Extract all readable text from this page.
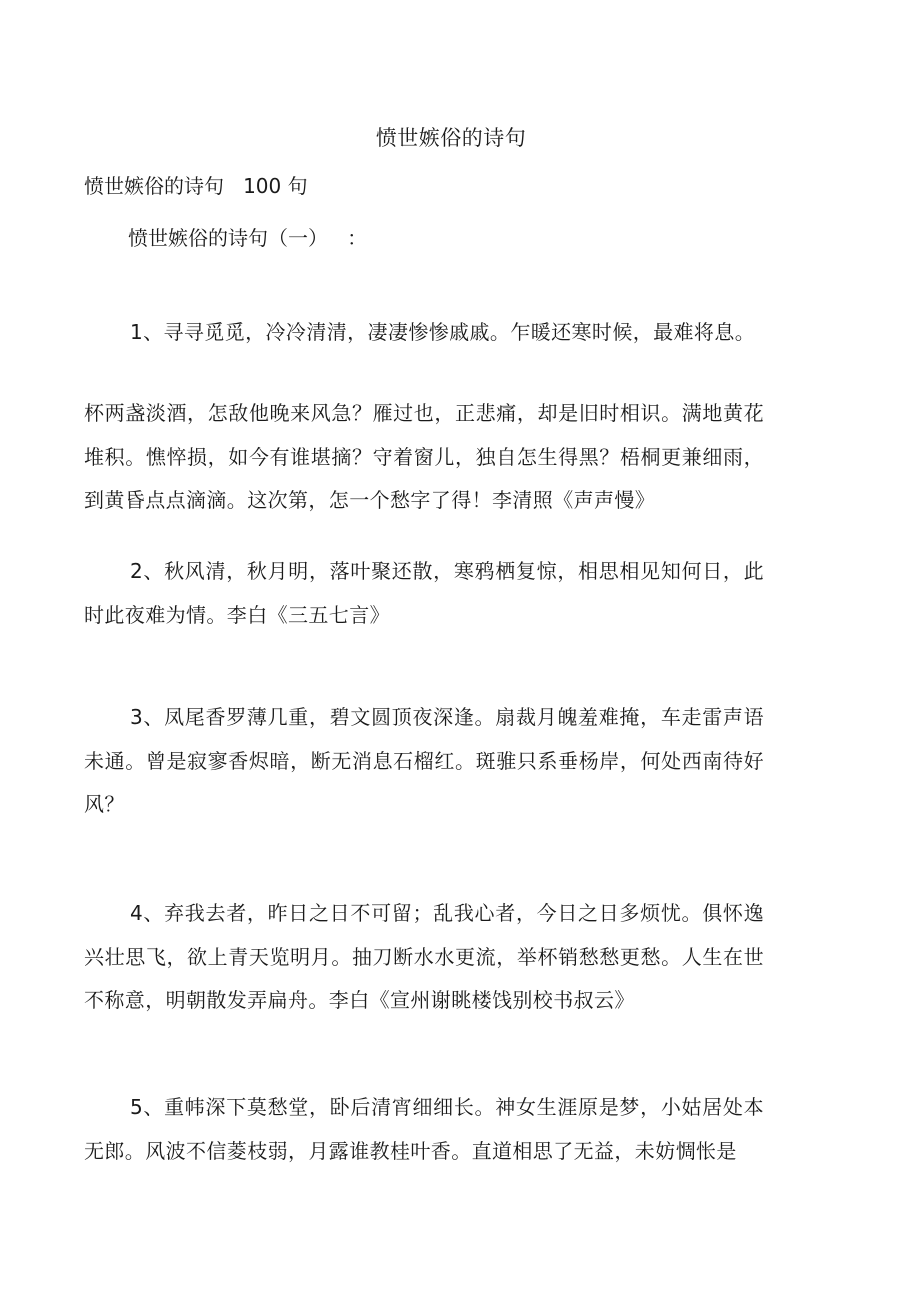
愤世嫉俗的诗句
愤世嫉俗的诗句   100 句
愤世嫉俗的诗句（一）   ：
1、寻寻觅觅，冷冷清清，凄凄惨惨戚戚。乍暖还寒时候，最难将息。

杯两盏淡酒，怎敌他晚来风急？雁过也，正悲痛，却是旧时相识。满地黄花堆积。憔悴损，如今有谁堪摘？守着窗儿，独自怎生得黑？梧桐更兼细雨，到黄昏点点滴滴。这次第，怎一个愁字了得！李清照《声声慢》

2、秋风清，秋月明，落叶聚还散，寒鸦栖复惊，相思相见知何日，此时此夜难为情。李白《三五七言》

3、凤尾香罗薄几重，碧文圆顶夜深逢。扇裁月魄羞难掩，车走雷声语未通。曾是寂寥香烬暗，断无消息石榴红。斑骓只系垂杨岸，何处西南待好风？

4、弃我去者，昨日之日不可留；乱我心者，今日之日多烦忧。俱怀逸兴壮思飞，欲上青天览明月。抽刀断水水更流，举杯销愁愁更愁。人生在世不称意，明朝散发弄扁舟。李白《宣州谢眺楼饯别校书叔云》

5、重帏深下莫愁堂，卧后清宵细细长。神女生涯原是梦，小姑居处本无郎。风波不信菱枝弱，月露谁教桂叶香。直道相思了无益，未妨惆怅是
